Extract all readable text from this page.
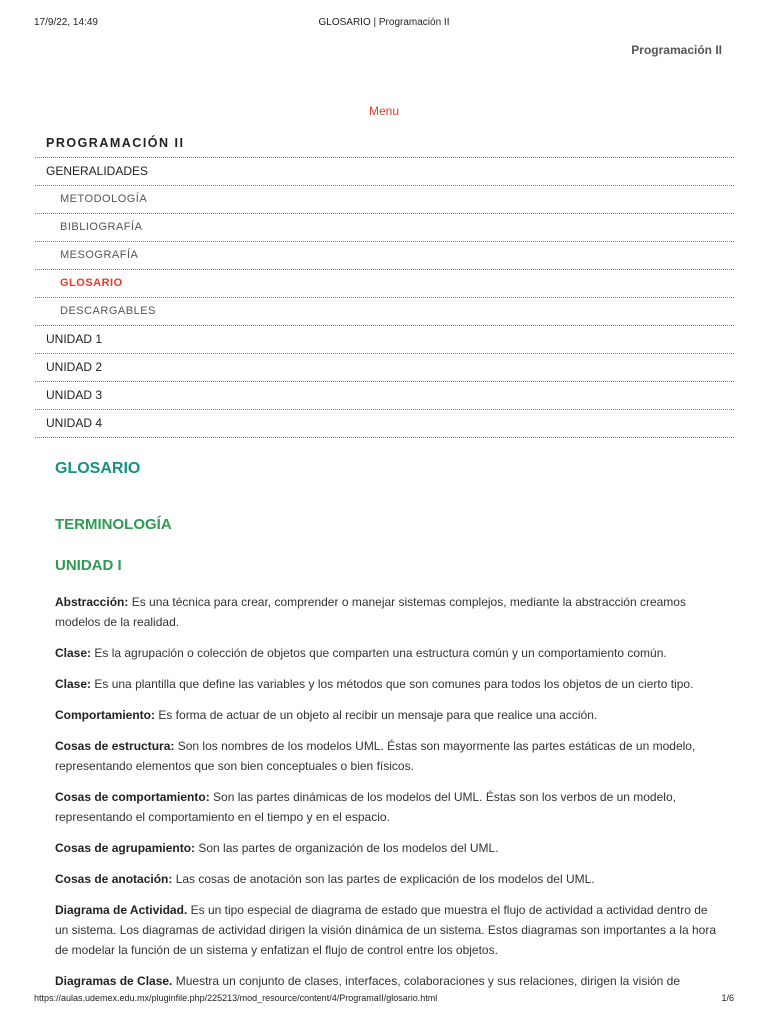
17/9/22, 14:49	GLOSARIO | Programación II
Programación II
Menu
PROGRAMACIÓN II
GENERALIDADES
METODOLOGÍA
BIBLIOGRAFÍA
MESOGRAFÍA
GLOSARIO
DESCARGABLES
UNIDAD 1
UNIDAD 2
UNIDAD 3
UNIDAD 4
GLOSARIO
TERMINOLOGÍA
UNIDAD I

Abstracción: Es una técnica para crear, comprender o manejar sistemas complejos, mediante la abstracción creamos modelos de la realidad.

Clase: Es la agrupación o colección de objetos que comparten una estructura común y un comportamiento común.

Clase: Es una plantilla que define las variables y los métodos que son comunes para todos los objetos de un cierto tipo.

Comportamiento: Es forma de actuar de un objeto al recibir un mensaje para que realice una acción.

Cosas de estructura: Son los nombres de los modelos UML. Éstas son mayormente las partes estáticas de un modelo, representando elementos que son bien conceptuales o bien físicos.

Cosas de comportamiento: Son las partes dinámicas de los modelos del UML. Éstas son los verbos de un modelo, representando el comportamiento en el tiempo y en el espacio.

Cosas de agrupamiento: Son las partes de organización de los modelos del UML.

Cosas de anotación: Las cosas de anotación son las partes de explicación de los modelos del UML.

Diagrama de Actividad. Es un tipo especial de diagrama de estado que muestra el flujo de actividad a actividad dentro de un sistema. Los diagramas de actividad dirigen la visión dinámica de un sistema. Estos diagramas son importantes a la hora de modelar la función de un sistema y enfatizan el flujo de control entre los objetos.

Diagramas de Clase. Muestra un conjunto de clases, interfaces, colaboraciones y sus relaciones, dirigen la visión de

https://aulas.udemex.edu.mx/pluginfile.php/225213/mod_resource/content/4/ProgramaII/glosario.html	1/6
